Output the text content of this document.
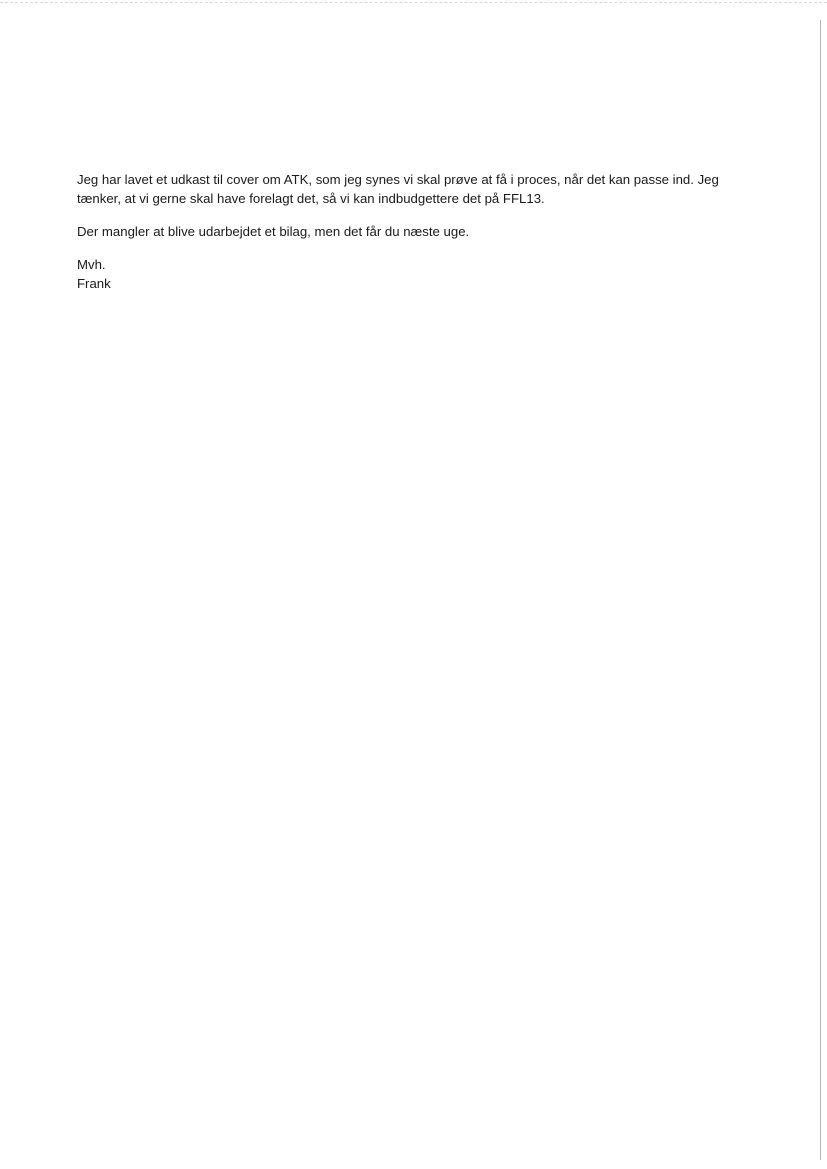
Jeg har lavet et udkast til cover om ATK, som jeg synes vi skal prøve at få i proces, når det kan passe ind. Jeg
tænker, at vi gerne skal have forelagt det, så vi kan indbudgettere det på FFL13.

Der mangler at blive udarbejdet et bilag, men det får du næste uge.

Mvh.
Frank
